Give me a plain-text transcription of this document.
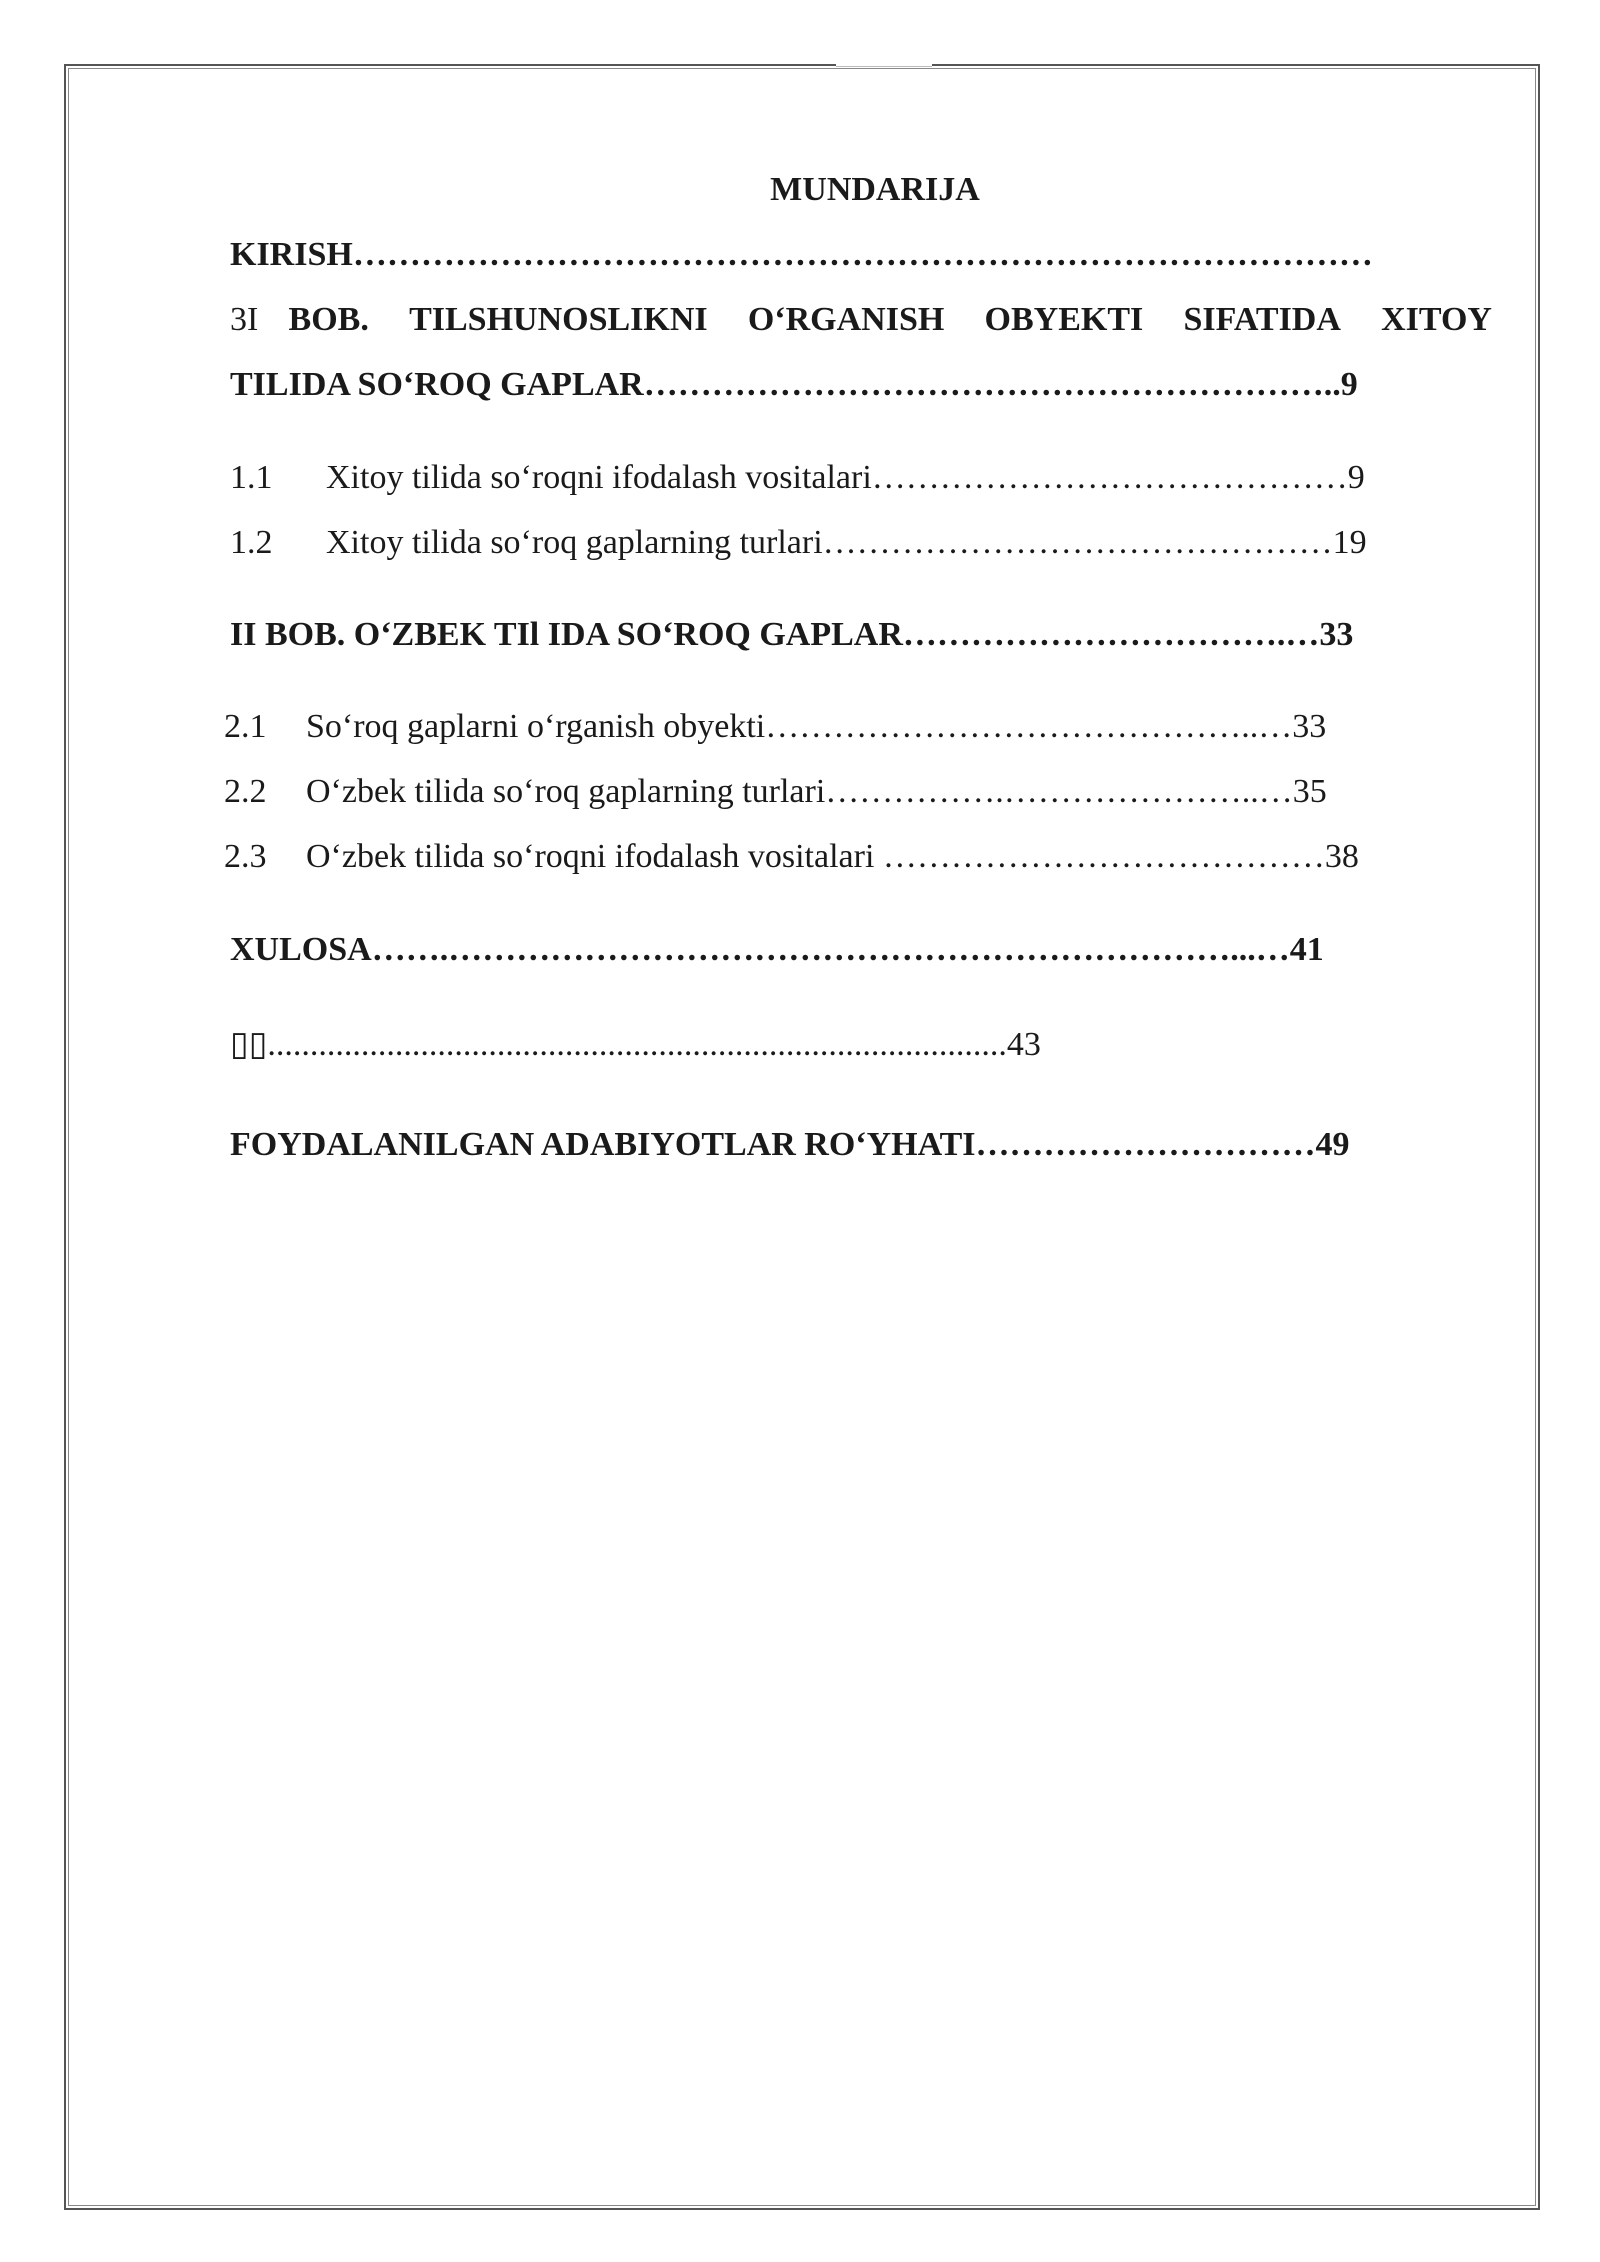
MUNDARIJA
KIRISH………………………………………………………………………………
3I BOB. TILSHUNOSLIKNI O‘RGANISH OBYEKTI SIFATIDA XITOY
TILIDA SO‘ROQ GAPLAR……………………………………………………..9
1.1 Xitoy tilida so‘roqni ifodalash vositalari……………………………………9
1.2 Xitoy tilida so‘roq gaplarning turlari………………………………………19
II BOB. O‘ZBEK TIl IDA SO‘ROQ GAPLAR…………………………….…33
2.1 So‘roq gaplarni o‘rganish obyekti……………………………………..…33
2.2 O‘zbek tilida so‘roq gaplarning turlari…………….…………………..…35
2.3 O‘zbek tilida so‘roqni ifodalash vositalari …………………………………38
XULOSA…….……………………………………………………………...…41
▯▯.......................................................................................43
FOYDALANILGAN ADABIYOTLAR RO‘YHATI…………………………49
